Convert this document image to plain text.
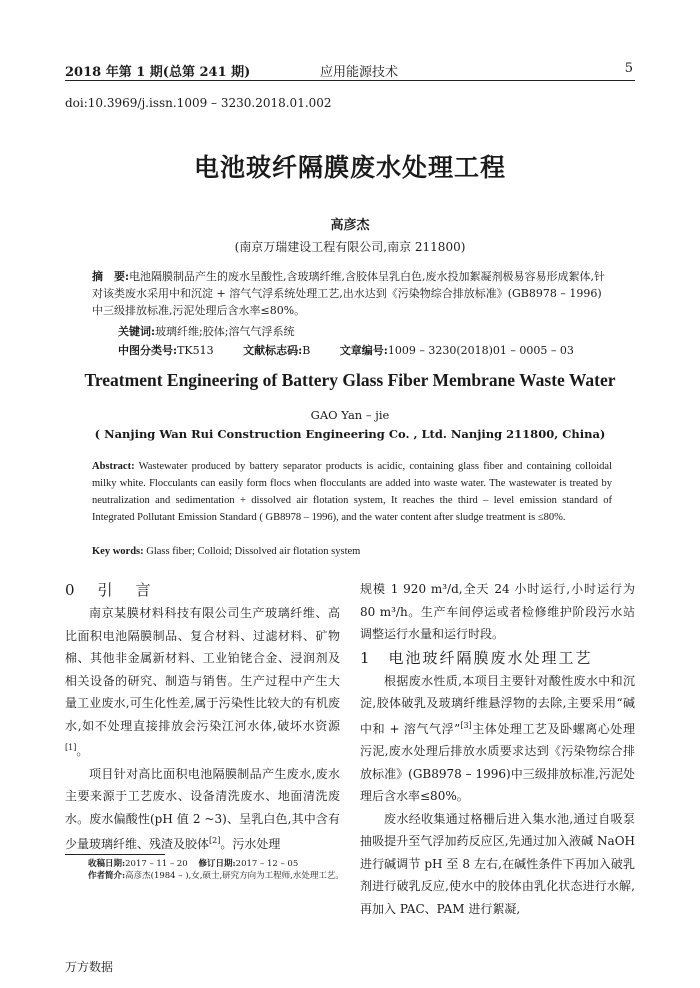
2018 年第 1 期(总第 241 期)	应用能源技术	5
doi:10.3969/j.issn.1009 – 3230.2018.01.002
电池玻纤隔膜废水处理工程
高彦杰
(南京万瑞建设工程有限公司,南京 211800)
摘　要:电池隔膜制品产生的废水呈酸性,含玻璃纤维,含胶体呈乳白色,废水投加絮凝剂极易容易形成絮体,针对该类废水采用中和沉淀 + 溶气气浮系统处理工艺,出水达到《污染物综合排放标准》(GB8978 – 1996)中三级排放标准,污泥处理后含水率≤80%。
关键词:玻璃纤维;胶体;溶气气浮系统
中图分类号:TK513	文献标志码:B	文章编号:1009 – 3230(2018)01 – 0005 – 03
Treatment Engineering of Battery Glass Fiber Membrane Waste Water
GAO Yan – jie
( Nanjing Wan Rui Construction Engineering Co. , Ltd. Nanjing 211800, China)
Abstract: Wastewater produced by battery separator products is acidic, containing glass fiber and containing colloidal milky white. Flocculants can easily form flocs when flocculants are added into waste water. The wastewater is treated by neutralization and sedimentation + dissolved air flotation system, It reaches the third – level emission standard of Integrated Pollutant Emission Standard ( GB8978 – 1996), and the water content after sludge treatment is ≤80%.
Key words: Glass fiber; Colloid; Dissolved air flotation system
0　引　言

南京某膜材料科技有限公司生产玻璃纤维、高比面积电池隔膜制品、复合材料、过滤材料、矿物棉、其他非金属新材料、工业铂铑合金、浸润剂及相关设备的研究、制造与销售。生产过程中产生大量工业废水,可生化性差,属于污染性比较大的有机废水,如不处理直接排放会污染江河水体,破坏水资源[1]。

项目针对高比面积电池隔膜制品产生废水,废水主要来源于工艺废水、设备清洗废水、地面清洗废水。废水偏酸性(pH 值 2 ~3)、呈乳白色,其中含有少量玻璃纤维、残渣及胶体[2]。污水处理

规模 1 920 m³/d,全天 24 小时运行,小时运行为 80 m³/h。生产车间停运或者检修维护阶段污水站调整运行水量和运行时段。

1　电池玻纤隔膜废水处理工艺

根据废水性质,本项目主要针对酸性废水中和沉淀,胶体破乳及玻璃纤维悬浮物的去除,主要采用“碱中和 + 溶气气浮”[3]主体处理工艺及卧螺离心处理污泥,废水处理后排放水质要求达到《污染物综合排放标准》(GB8978 – 1996)中三级排放标准,污泥处理后含水率≤80%。

废水经收集通过格栅后进入集水池,通过自吸泵抽吸提升至气浮加药反应区,先通过加入液碱 NaOH 进行碱调节 pH 至 8 左右,在碱性条件下再加入破乳剂进行破乳反应,使水中的胶体由乳化状态进行水解,再加入 PAC、PAM 进行絮凝,

收稿日期:2017 – 11 – 20 修订日期:2017 – 12 – 05
作者简介:高彦杰(1984 – ),女,硕士,研究方向为工程师,水处理工艺。
万方数据
